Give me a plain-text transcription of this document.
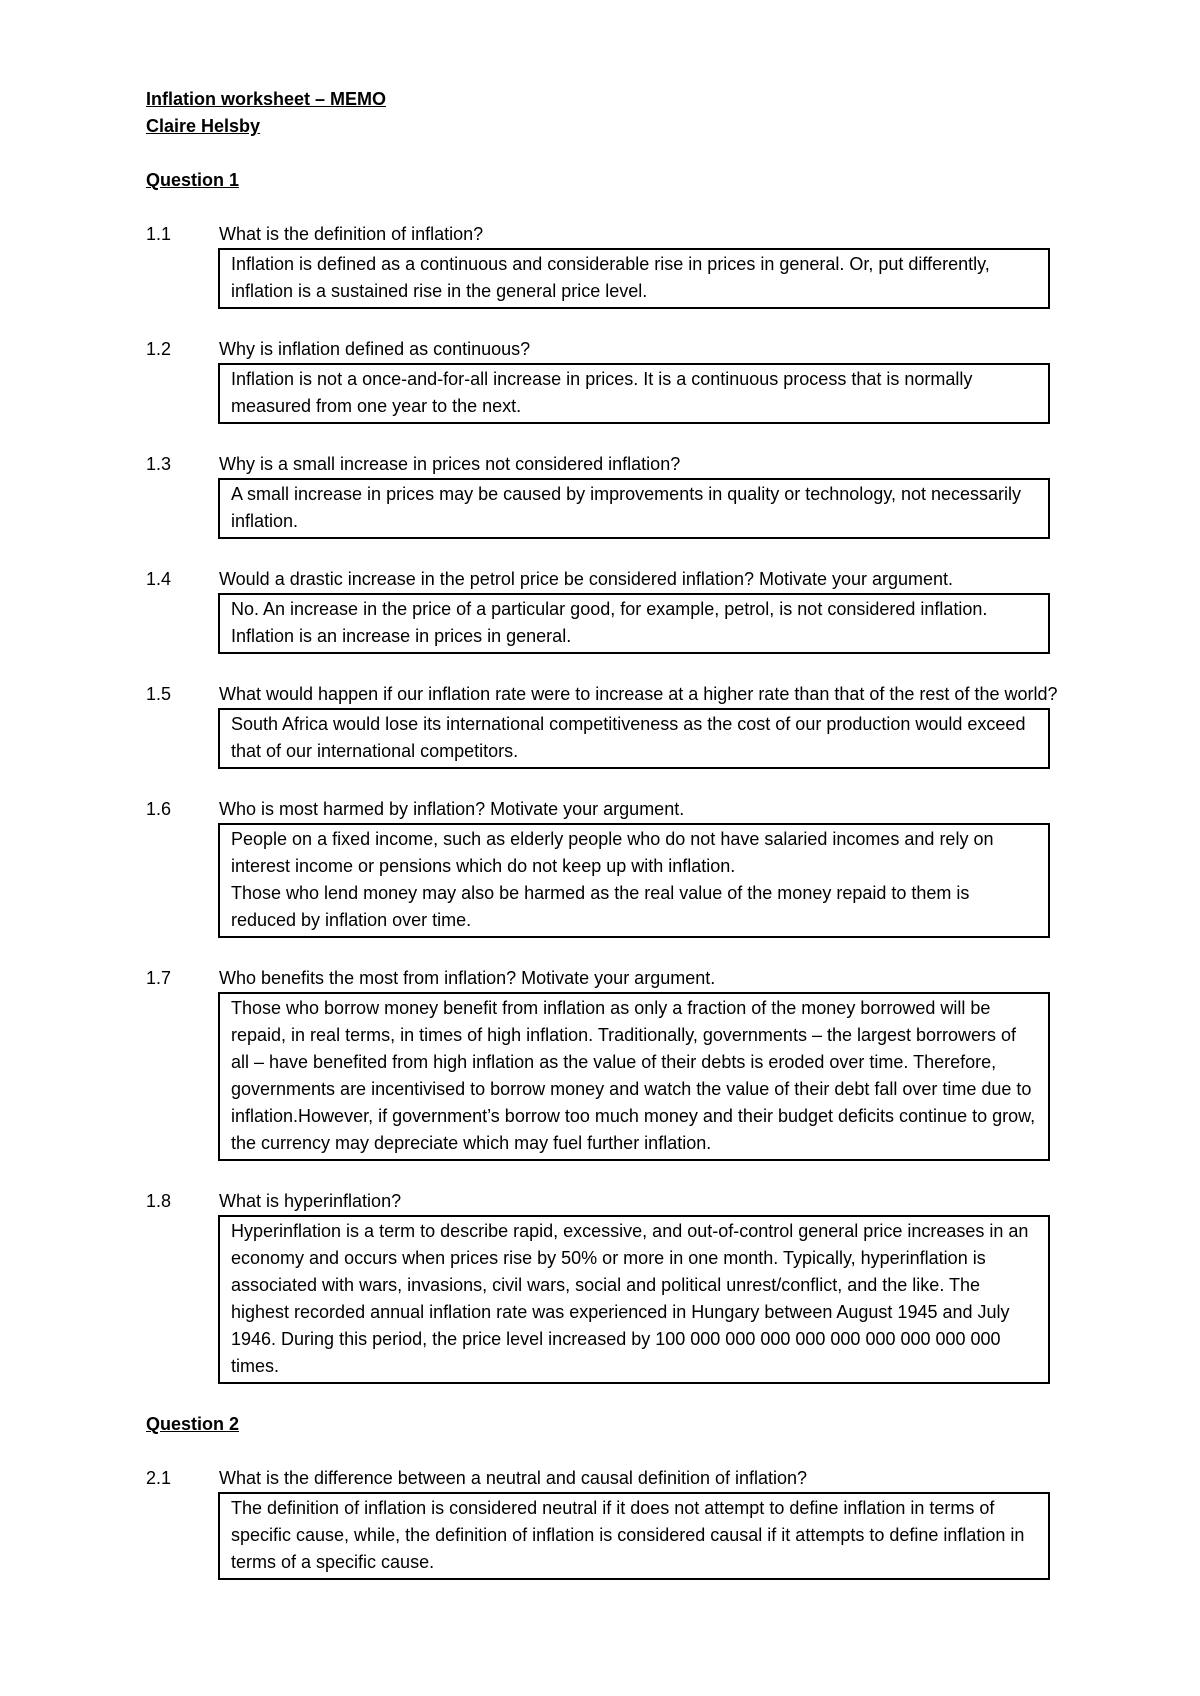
Inflation worksheet – MEMO

Claire Helsby

Question 1

1.1	What is the definition of inflation?
Inflation is defined as a continuous and considerable rise in prices in general. Or, put differently, inflation is a sustained rise in the general price level.
1.2	Why is inflation defined as continuous?
Inflation is not a once-and-for-all increase in prices. It is a continuous process that is normally measured from one year to the next.
1.3	Why is a small increase in prices not considered inflation?
A small increase in prices may be caused by improvements in quality or technology, not necessarily inflation.
1.4	Would a drastic increase in the petrol price be considered inflation? Motivate your argument.
No. An increase in the price of a particular good, for example, petrol, is not considered inflation. Inflation is an increase in prices in general.
1.5	What would happen if our inflation rate were to increase at a higher rate than that of the rest of the world?
South Africa would lose its international competitiveness as the cost of our production would exceed that of our international competitors.
1.6	Who is most harmed by inflation? Motivate your argument.
People on a fixed income, such as elderly people who do not have salaried incomes and rely on interest income or pensions which do not keep up with inflation.
Those who lend money may also be harmed as the real value of the money repaid to them is reduced by inflation over time.
1.7	Who benefits the most from inflation? Motivate your argument.
Those who borrow money benefit from inflation as only a fraction of the money borrowed will be repaid, in real terms, in times of high inflation. Traditionally, governments – the largest borrowers of all – have benefited from high inflation as the value of their debts is eroded over time. Therefore, governments are incentivised to borrow money and watch the value of their debt fall over time due to inflation.However, if government’s borrow too much money and their budget deficits continue to grow, the currency may depreciate which may fuel further inflation.
1.8	What is hyperinflation?
Hyperinflation is a term to describe rapid, excessive, and out-of-control general price increases in an economy and occurs when prices rise by 50% or more in one month. Typically, hyperinflation is associated with wars, invasions, civil wars, social and political unrest/conflict, and the like. The highest recorded annual inflation rate was experienced in Hungary between August 1945 and July 1946. During this period, the price level increased by 100 000 000 000 000 000 000 000 000 000 times.

Question 2

2.1	What is the difference between a neutral and causal definition of inflation?
The definition of inflation is considered neutral if it does not attempt to define inflation in terms of specific cause, while, the definition of inflation is considered causal if it attempts to define inflation in terms of a specific cause.
